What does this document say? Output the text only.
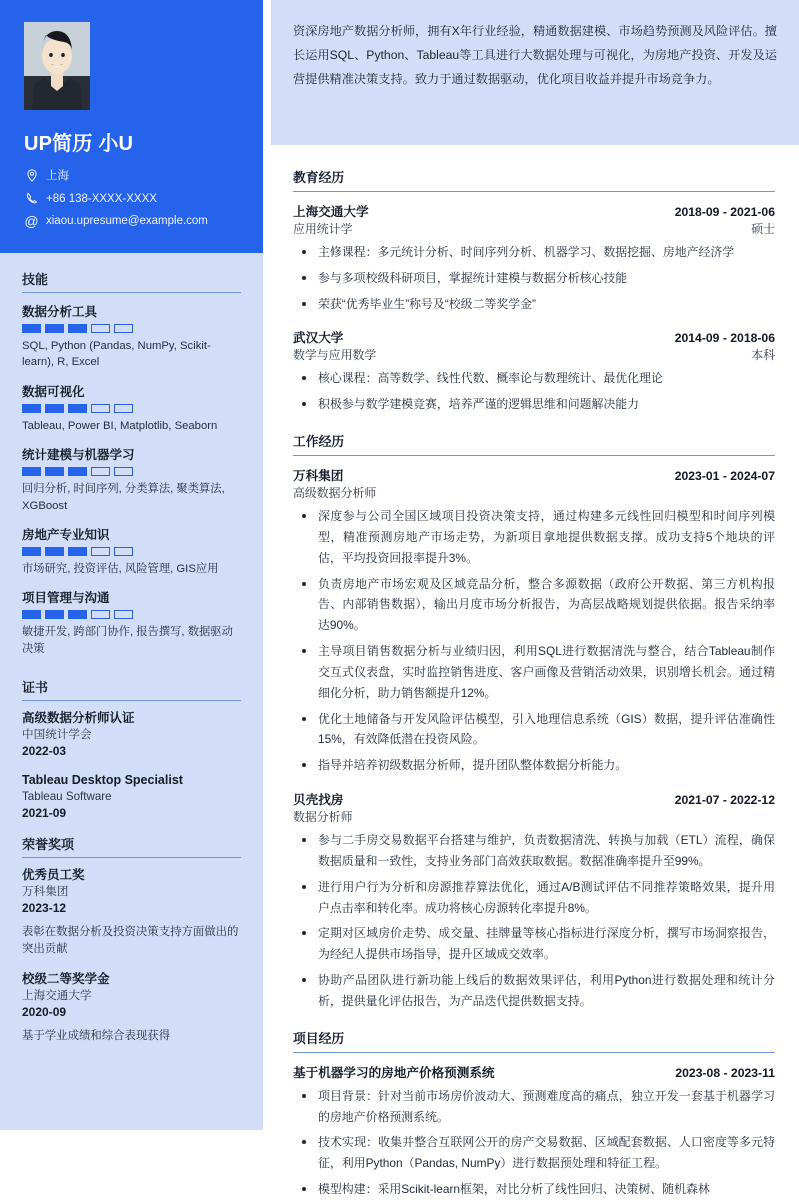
UP简历 小U
上海
+86 138-XXXX-XXXX
@ xiaou.upresume@example.com
技能
数据分析工具
SQL, Python (Pandas, NumPy, Scikit-learn), R, Excel
数据可视化
Tableau, Power BI, Matplotlib, Seaborn
统计建模与机器学习
回归分析, 时间序列, 分类算法, 聚类算法, XGBoost
房地产专业知识
市场研究, 投资评估, 风险管理, GIS应用
项目管理与沟通
敏捷开发, 跨部门协作, 报告撰写, 数据驱动决策
证书
高级数据分析师认证
中国统计学会
2022-03
Tableau Desktop Specialist
Tableau Software
2021-09
荣誉奖项
优秀员工奖
万科集团
2023-12
表彰在数据分析及投资决策支持方面做出的突出贡献
校级二等奖学金
上海交通大学
2020-09
基于学业成绩和综合表现获得

资深房地产数据分析师，拥有X年行业经验，精通数据建模、市场趋势预测及风险评估。擅长运用SQL、Python、Tableau等工具进行大数据处理与可视化，为房地产投资、开发及运营提供精准决策支持。致力于通过数据驱动，优化项目收益并提升市场竞争力。

教育经历
上海交通大学	2018-09 - 2021-06
应用统计学	硕士
主修课程：多元统计分析、时间序列分析、机器学习、数据挖掘、房地产经济学
参与多项校级科研项目，掌握统计建模与数据分析核心技能
荣获“优秀毕业生”称号及“校级二等奖学金”
武汉大学	2014-09 - 2018-06
数学与应用数学	本科
核心课程：高等数学、线性代数、概率论与数理统计、最优化理论
积极参与数学建模竞赛，培养严谨的逻辑思维和问题解决能力
工作经历
万科集团	2023-01 - 2024-07
高级数据分析师
深度参与公司全国区域项目投资决策支持，通过构建多元线性回归模型和时间序列模型，精准预测房地产市场走势，为新项目拿地提供数据支撑。成功支持5个地块的评估，平均投资回报率提升3%。
负责房地产市场宏观及区域竞品分析，整合多源数据（政府公开数据、第三方机构报告、内部销售数据），输出月度市场分析报告，为高层战略规划提供依据。报告采纳率达90%。
主导项目销售数据分析与业绩归因，利用SQL进行数据清洗与整合，结合Tableau制作交互式仪表盘，实时监控销售进度、客户画像及营销活动效果，识别增长机会。通过精细化分析，助力销售额提升12%。
优化土地储备与开发风险评估模型，引入地理信息系统（GIS）数据，提升评估准确性15%，有效降低潜在投资风险。
指导并培养初级数据分析师，提升团队整体数据分析能力。
贝壳找房	2021-07 - 2022-12
数据分析师
参与二手房交易数据平台搭建与维护，负责数据清洗、转换与加载（ETL）流程，确保数据质量和一致性，支持业务部门高效获取数据。数据准确率提升至99%。
进行用户行为分析和房源推荐算法优化，通过A/B测试评估不同推荐策略效果，提升用户点击率和转化率。成功将核心房源转化率提升8%。
定期对区域房价走势、成交量、挂牌量等核心指标进行深度分析，撰写市场洞察报告，为经纪人提供市场指导，提升区域成交效率。
协助产品团队进行新功能上线后的数据效果评估，利用Python进行数据处理和统计分析，提供量化评估报告，为产品迭代提供数据支持。
项目经历
基于机器学习的房地产价格预测系统	2023-08 - 2023-11
项目背景：针对当前市场房价波动大、预测难度高的痛点，独立开发一套基于机器学习的房地产价格预测系统。
技术实现：收集并整合互联网公开的房产交易数据、区域配套数据、人口密度等多元特征，利用Python（Pandas, NumPy）进行数据预处理和特征工程。
模型构建：采用Scikit-learn框架，对比分析了线性回归、决策树、随机森林
